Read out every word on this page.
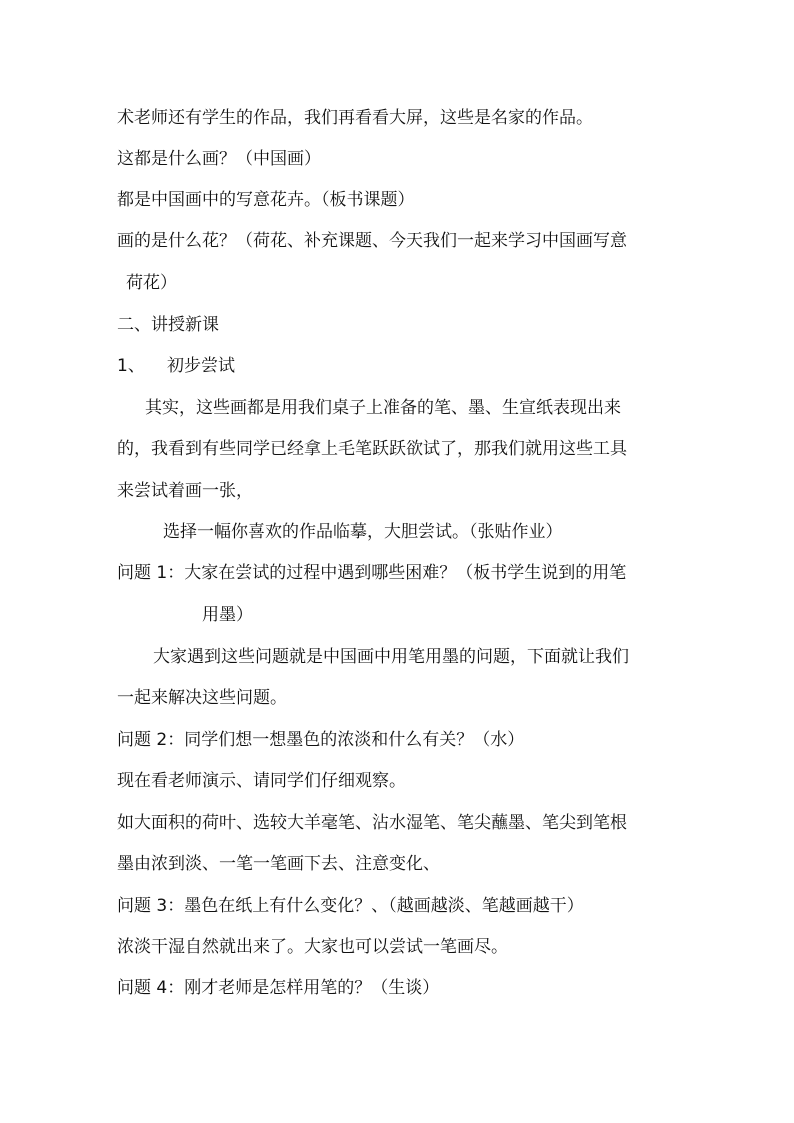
术老师还有学生的作品，我们再看看大屏，这些是名家的作品。
这都是什么画？（中国画）
都是中国画中的写意花卉。（板书课题）
画的是什么花？（荷花、补充课题、今天我们一起来学习中国画写意
荷花）
二、讲授新课
1、 初步尝试
其实，这些画都是用我们桌子上准备的笔、墨、生宣纸表现出来
的，我看到有些同学已经拿上毛笔跃跃欲试了，那我们就用这些工具
来尝试着画一张，
选择一幅你喜欢的作品临摹，大胆尝试。（张贴作业）
问题 1：大家在尝试的过程中遇到哪些困难？（板书学生说到的用笔
用墨）
大家遇到这些问题就是中国画中用笔用墨的问题，下面就让我们
一起来解决这些问题。
问题 2：同学们想一想墨色的浓淡和什么有关？（水）
现在看老师演示、请同学们仔细观察。
如大面积的荷叶、选较大羊毫笔、沾水湿笔、笔尖蘸墨、笔尖到笔根
墨由浓到淡、一笔一笔画下去、注意变化、
问题 3：墨色在纸上有什么变化？、（越画越淡、笔越画越干）
浓淡干湿自然就出来了。大家也可以尝试一笔画尽。
问题 4：刚才老师是怎样用笔的？（生谈）
